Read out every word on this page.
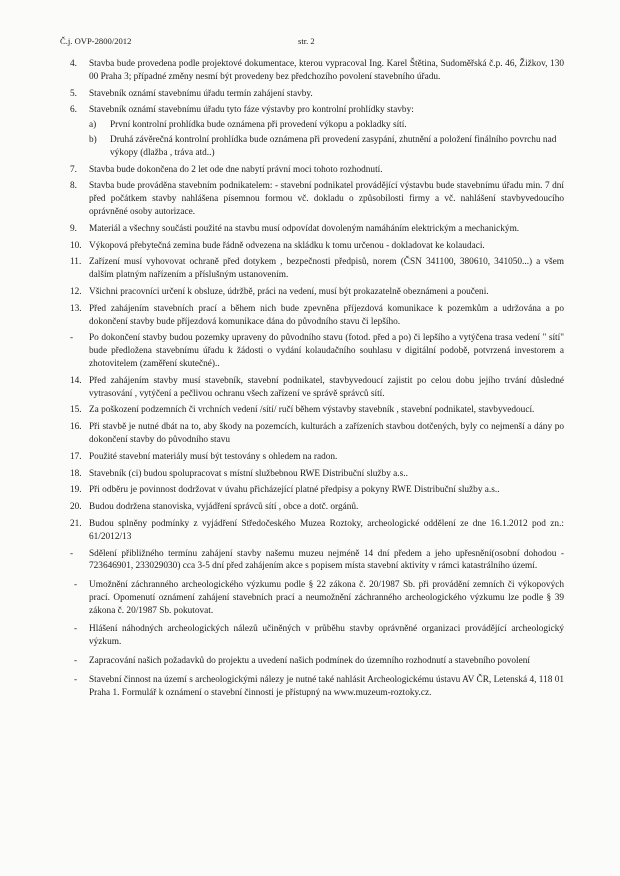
Č.j. OVP-2800/2012	str. 2
4.	Stavba bude provedena podle projektové dokumentace, kterou vypracoval Ing. Karel Štětina, Sudoměřská č.p. 46, Žižkov, 130 00 Praha 3; případné změny nesmí být provedeny bez předchozího povolení stavebního úřadu.
5.	Stavebník oznámí stavebnímu úřadu termín zahájení stavby.
6.	Stavebník oznámí stavebnímu úřadu tyto fáze výstavby pro kontrolní prohlídky stavby:
a)	První kontrolní prohlídka bude oznámena při provedení výkopu a pokladky sítí.
b)	Druhá závěrečná kontrolní prohlídka bude oznámena při provedení zasypání, zhutnění a položení finálního povrchu nad výkopy (dlažba , tráva atd..)
7.	Stavba bude dokončena do 2 let ode dne nabytí právní moci tohoto rozhodnutí.
8.	Stavba bude prováděna stavebním podnikatelem: - stavební podnikatel provádějící výstavbu bude stavebnímu úřadu min. 7 dní před počátkem stavby nahlášena písemnou formou vč. dokladu o způsobilosti firmy a vč. nahlášení stavbyvedoucího oprávněné osoby autorizace.
9.	Materiál a všechny součásti použité na stavbu musí odpovídat dovoleným namáháním elektrickým a mechanickým.
10. Výkopová přebytečná zemina bude řádně odvezena na skládku k tomu určenou - dokladovat ke kolaudaci.
11. Zařízení musí vyhovovat ochraně před dotykem , bezpečnosti předpisů, norem (ČSN 341100, 380610, 341050...) a všem dalším platným nařízením a příslušným ustanovením.
12. Všichni pracovníci určení k obsluze, údržbě, práci na vedení, musí být prokazatelně obeznámeni a poučeni.
13. Před zahájením stavebních prací a během nich bude zpevněna příjezdová komunikace k pozemkům a udržována a po dokončení stavby bude příjezdová komunikace dána do původního stavu či lepšího.
-	Po dokončení stavby budou pozemky upraveny do původního stavu (fotod. před a po) či lepšího a vytýčena trasa vedení " sítí" bude předložena stavebnímu úřadu k žádosti o vydání kolaudačního souhlasu v digitální podobě, potvrzená investorem a zhotovitelem (zaměření skutečné)..
14. Před zahájením stavby musí stavebník, stavební podnikatel, stavbyvedoucí zajistit po celou dobu jejího trvání důsledné vytrasování , vytýčení a pečlivou ochranu všech zařízení ve správě správců sítí.
15. Za poškození podzemních či vrchních vedení /sítí/ ručí během výstavby stavebník , stavební podnikatel, stavbyvedoucí.
16. Při stavbě je nutné dbát na to, aby škody na pozemcích, kulturách a zařízeních stavbou dotčených, byly co nejmenší a dány po dokončení stavby do původního stavu
17. Použité stavební materiály musí být testovány s ohledem na radon.
18. Stavebník (ci) budou spolupracovat s místní službebnou RWE Distribuční služby a.s..
19. Při odběru je povinnost dodržovat v úvahu přicházející platné předpisy a pokyny RWE Distribuční služby a.s..
20. Budou dodržena stanoviska, vyjádření správců sítí , obce a dotč. orgánů.
21. Budou splněny podmínky z vyjádření Středočeského Muzea Roztoky, archeologické oddělení ze dne 16.1.2012 pod zn.: 61/2012/13
-	Sdělení přibližného termínu zahájení stavby našemu muzeu nejméně 14 dní předem a jeho upřesnění(osobní dohodou - 723646901, 233029030) cca 3-5 dní před zahájením akce s popisem místa stavební aktivity v rámci katastrálního území.
-	Umožnění záchranného archeologického výzkumu podle § 22 zákona č. 20/1987 Sb. při provádění zemních či výkopových prací. Opomenutí oznámení zahájení stavebních prací a neumožnění záchranného archeologického výzkumu lze podle § 39 zákona č. 20/1987 Sb. pokutovat.
-	Hlášení náhodných archeologických nálezů učiněných v průběhu stavby oprávněné organizaci provádějící archeologický výzkum.
-	Zapracování našich požadavků do projektu a uvedení našich podmínek do územního rozhodnutí a stavebního povolení
-	Stavební činnost na území s archeologickými nálezy je nutné také nahlásit Archeologickému ústavu AV ČR, Letenská 4, 118 01 Praha 1. Formulář k oznámení o stavební činnosti je přístupný na www.muzeum-roztoky.cz.
